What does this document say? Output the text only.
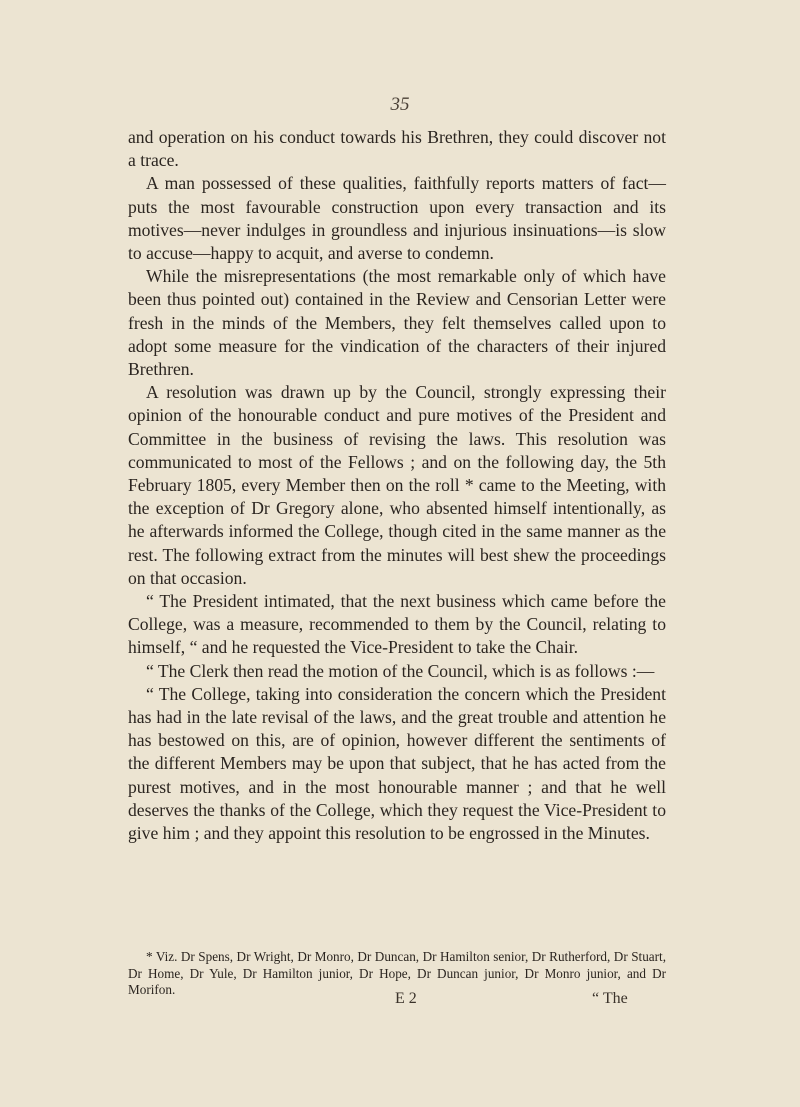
35

and operation on his conduct towards his Brethren, they could discover not a trace.

A man possessed of these qualities, faithfully reports matters of fact—puts the most favourable construction upon every transaction and its motives—never indulges in groundless and injurious insinuations—is slow to accuse—happy to acquit, and averse to condemn.

While the misrepresentations (the most remarkable only of which have been thus pointed out) contained in the Review and Censorian Letter were fresh in the minds of the Members, they felt themselves called upon to adopt some measure for the vindication of the characters of their injured Brethren.

A resolution was drawn up by the Council, strongly expressing their opinion of the honourable conduct and pure motives of the President and Committee in the business of revising the laws. This resolution was communicated to most of the Fellows ; and on the following day, the 5th February 1805, every Member then on the roll * came to the Meeting, with the exception of Dr Gregory alone, who absented himself intentionally, as he afterwards informed the College, though cited in the same manner as the rest. The following extract from the minutes will best shew the proceedings on that occasion.

“ The President intimated, that the next business which came before the College, was a measure, recommended to them by the Council, relating to himself, “ and he requested the Vice-President to take the Chair.

“ The Clerk then read the motion of the Council, which is as follows :—

“ The College, taking into consideration the concern which the President has had in the late revisal of the laws, and the great trouble and attention he has bestowed on this, are of opinion, however different the sentiments of the different Members may be upon that subject, that he has acted from the purest motives, and in the most honourable manner ; and that he well deserves the thanks of the College, which they request the Vice-President to give him ; and they appoint this resolution to be engrossed in the Minutes.

* Viz. Dr Spens, Dr Wright, Dr Monro, Dr Duncan, Dr Hamilton senior, Dr Rutherford, Dr Stuart, Dr Home, Dr Yule, Dr Hamilton junior, Dr Hope, Dr Duncan junior, Dr Monro junior, and Dr Morifon.

E 2	“ The
